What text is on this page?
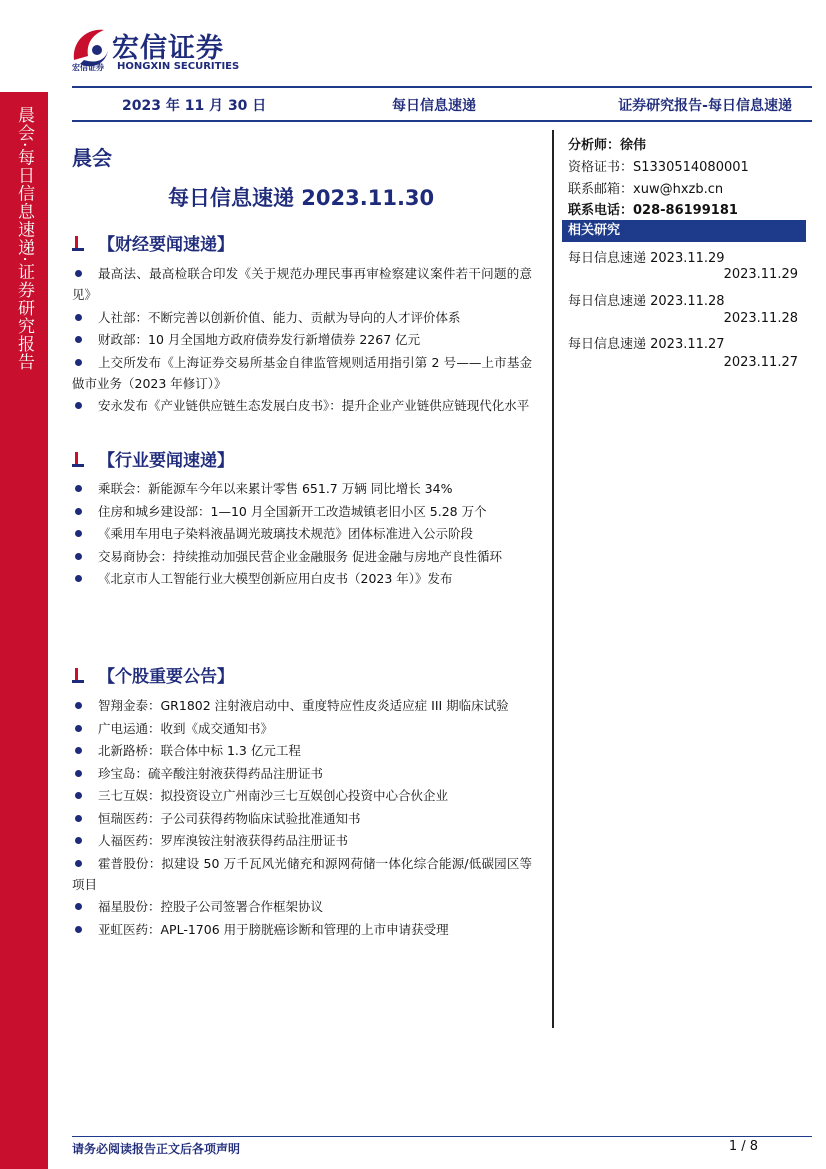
宏信证券
宏信证券 HONGXIN SECURITIES
晨会·每日信息速递·证券研究报告	2023 年 11 月 30 日	每日信息速递	证券研究报告-每日信息速递
晨会
每日信息速递 2023.11.30
【财经要闻速递】
最高法、最高检联合印发《关于规范办理民事再审检察建议案件若干问题的意见》
人社部：不断完善以创新价值、能力、贡献为导向的人才评价体系
财政部：10 月全国地方政府债券发行新增债券 2267 亿元
上交所发布《上海证券交易所基金自律监管规则适用指引第 2 号——上市基金做市业务（2023 年修订）》
安永发布《产业链供应链生态发展白皮书》：提升企业产业链供应链现代化水平
【行业要闻速递】
乘联会：新能源车今年以来累计零售 651.7 万辆 同比增长 34%
住房和城乡建设部：1—10 月全国新开工改造城镇老旧小区 5.28 万个
《乘用车用电子染料液晶调光玻璃技术规范》团体标准进入公示阶段
交易商协会：持续推动加强民营企业金融服务 促进金融与房地产良性循环
《北京市人工智能行业大模型创新应用白皮书（2023 年）》发布
【个股重要公告】
智翔金泰：GR1802 注射液启动中、重度特应性皮炎适应症 III 期临床试验
广电运通：收到《成交通知书》
北新路桥：联合体中标 1.3 亿元工程
珍宝岛：硫辛酸注射液获得药品注册证书
三七互娱：拟投资设立广州南沙三七互娱创心投资中心合伙企业
恒瑞医药：子公司获得药物临床试验批准通知书
人福医药：罗库溴铵注射液获得药品注册证书
霍普股份：拟建设 50 万千瓦风光储充和源网荷储一体化综合能源/低碳园区等项目
福星股份：控股子公司签署合作框架协议
亚虹医药：APL-1706 用于膀胱癌诊断和管理的上市申请获受理
分析师：徐伟
资格证书：S1330514080001
联系邮箱：xuw@hxzb.cn
联系电话：028-86199181
相关研究
每日信息速递 2023.11.29
2023.11.29
每日信息速递 2023.11.28
2023.11.28
每日信息速递 2023.11.27
2023.11.27
请务必阅读报告正文后各项声明	1 / 8
